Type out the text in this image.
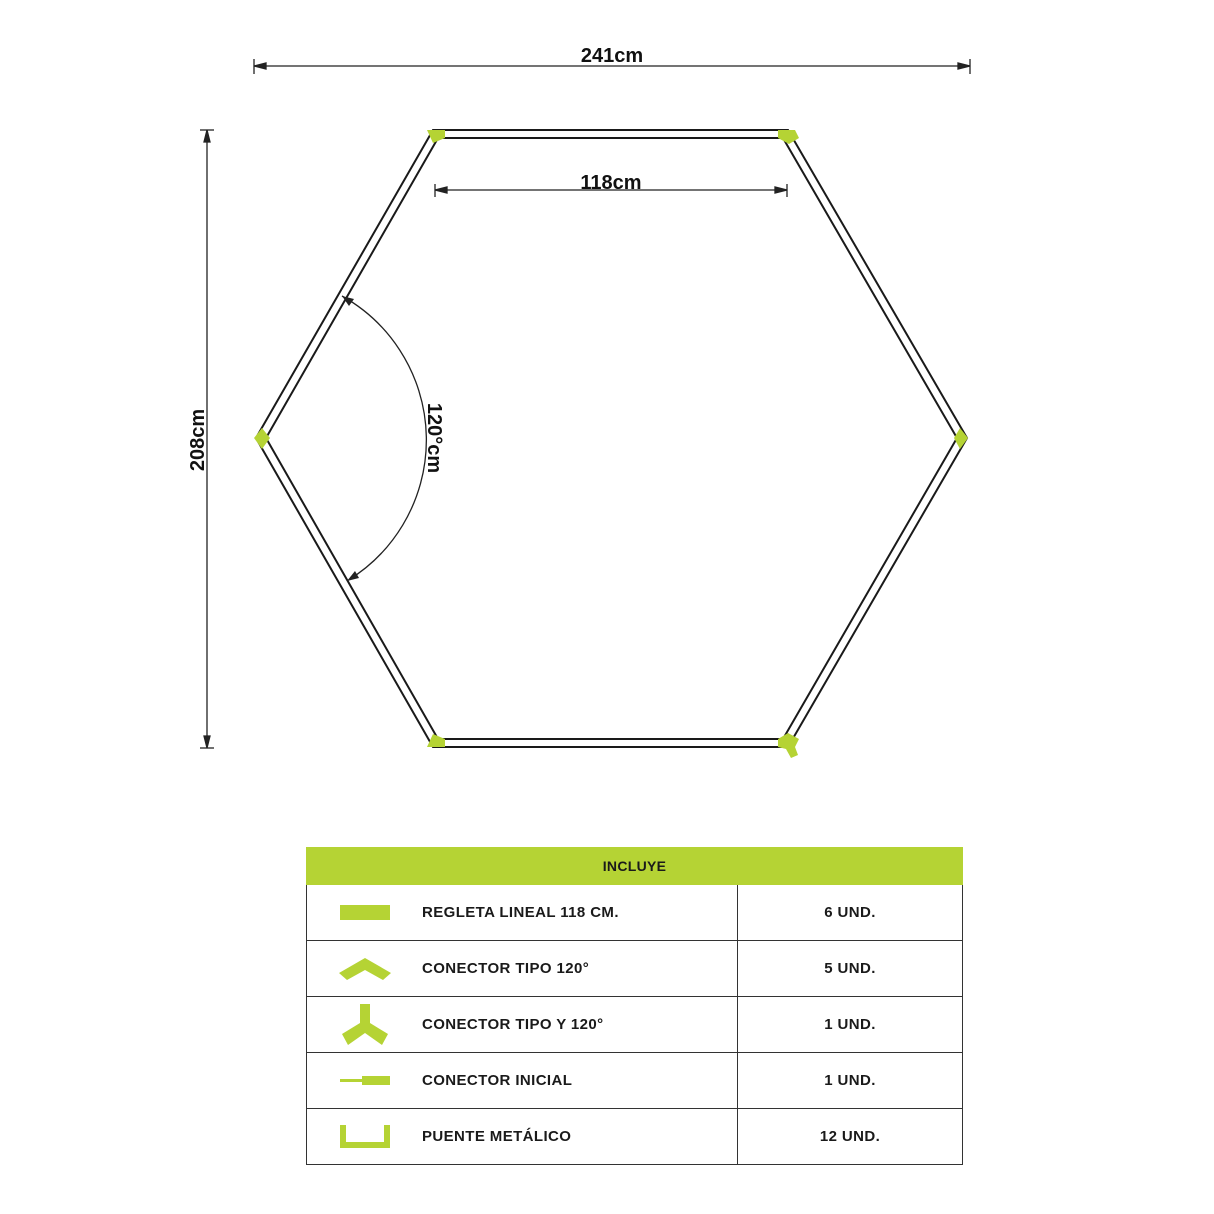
241cm
208cm
118cm
120°cm
INCLUYE	

REGLETA LINEAL 118 CM.	6 UND.

CONECTOR TIPO 120°	5 UND.

CONECTOR TIPO Y 120°	1 UND.

CONECTOR INICIAL	1 UND.

PUENTE METÁLICO	12 UND.
